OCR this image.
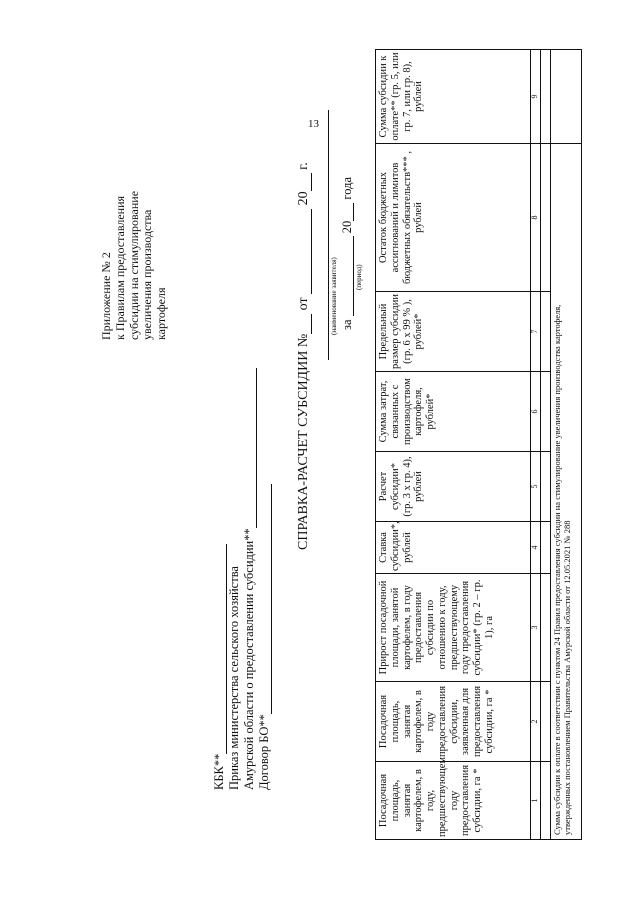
13
Приложение № 2 к Правилам предоставления субсидии на стимулирование увеличения производства картофеля
КБК** Приказ министерства сельского хозяйства Амурской области о предоставлении субсидии** Договор БО**
СПРАВКА-РАСЧЕТ СУБСИДИИ № от  20 г.
(наименование заявителя) за  20 года
(период)
Посадочная площадь, занятая картофелем, в году, предшествующем году предоставления субсидии, га *	Посадочная площадь, занятая картофелем, в году предоставления субсидии, заявленная для предоставления субсидии, га *	Прирост посадочной площади, занятой картофелем, в году предоставления субсидии по отношению к году, предшествующему году предоставления субсидии* (гр. 2 – гр. 1), га	Ставка субсидии*, рублей	Расчет субсидии* (гр. 3 x гр. 4), рублей	Сумма затрат, связанных с производством картофеля, рублей*	Предельный размер субсидии (гр. 6 x 99 % ), рублей*	Остаток бюджетных ассигнований и лимитов бюджетных обязательств*** , рублей	Сумма субсидии к оплате** (гр. 5, или гр. 7, или гр. 8), рублей
1	2	3	4	5	6	7	8	9

Сумма субсидии к оплате в соответствии с пунктом 24 Правил предоставления субсидии на стимулирование увеличения производства картофеля, утвержденных постановлением Правительства Амурской области от 12.05.2021 № 288								
